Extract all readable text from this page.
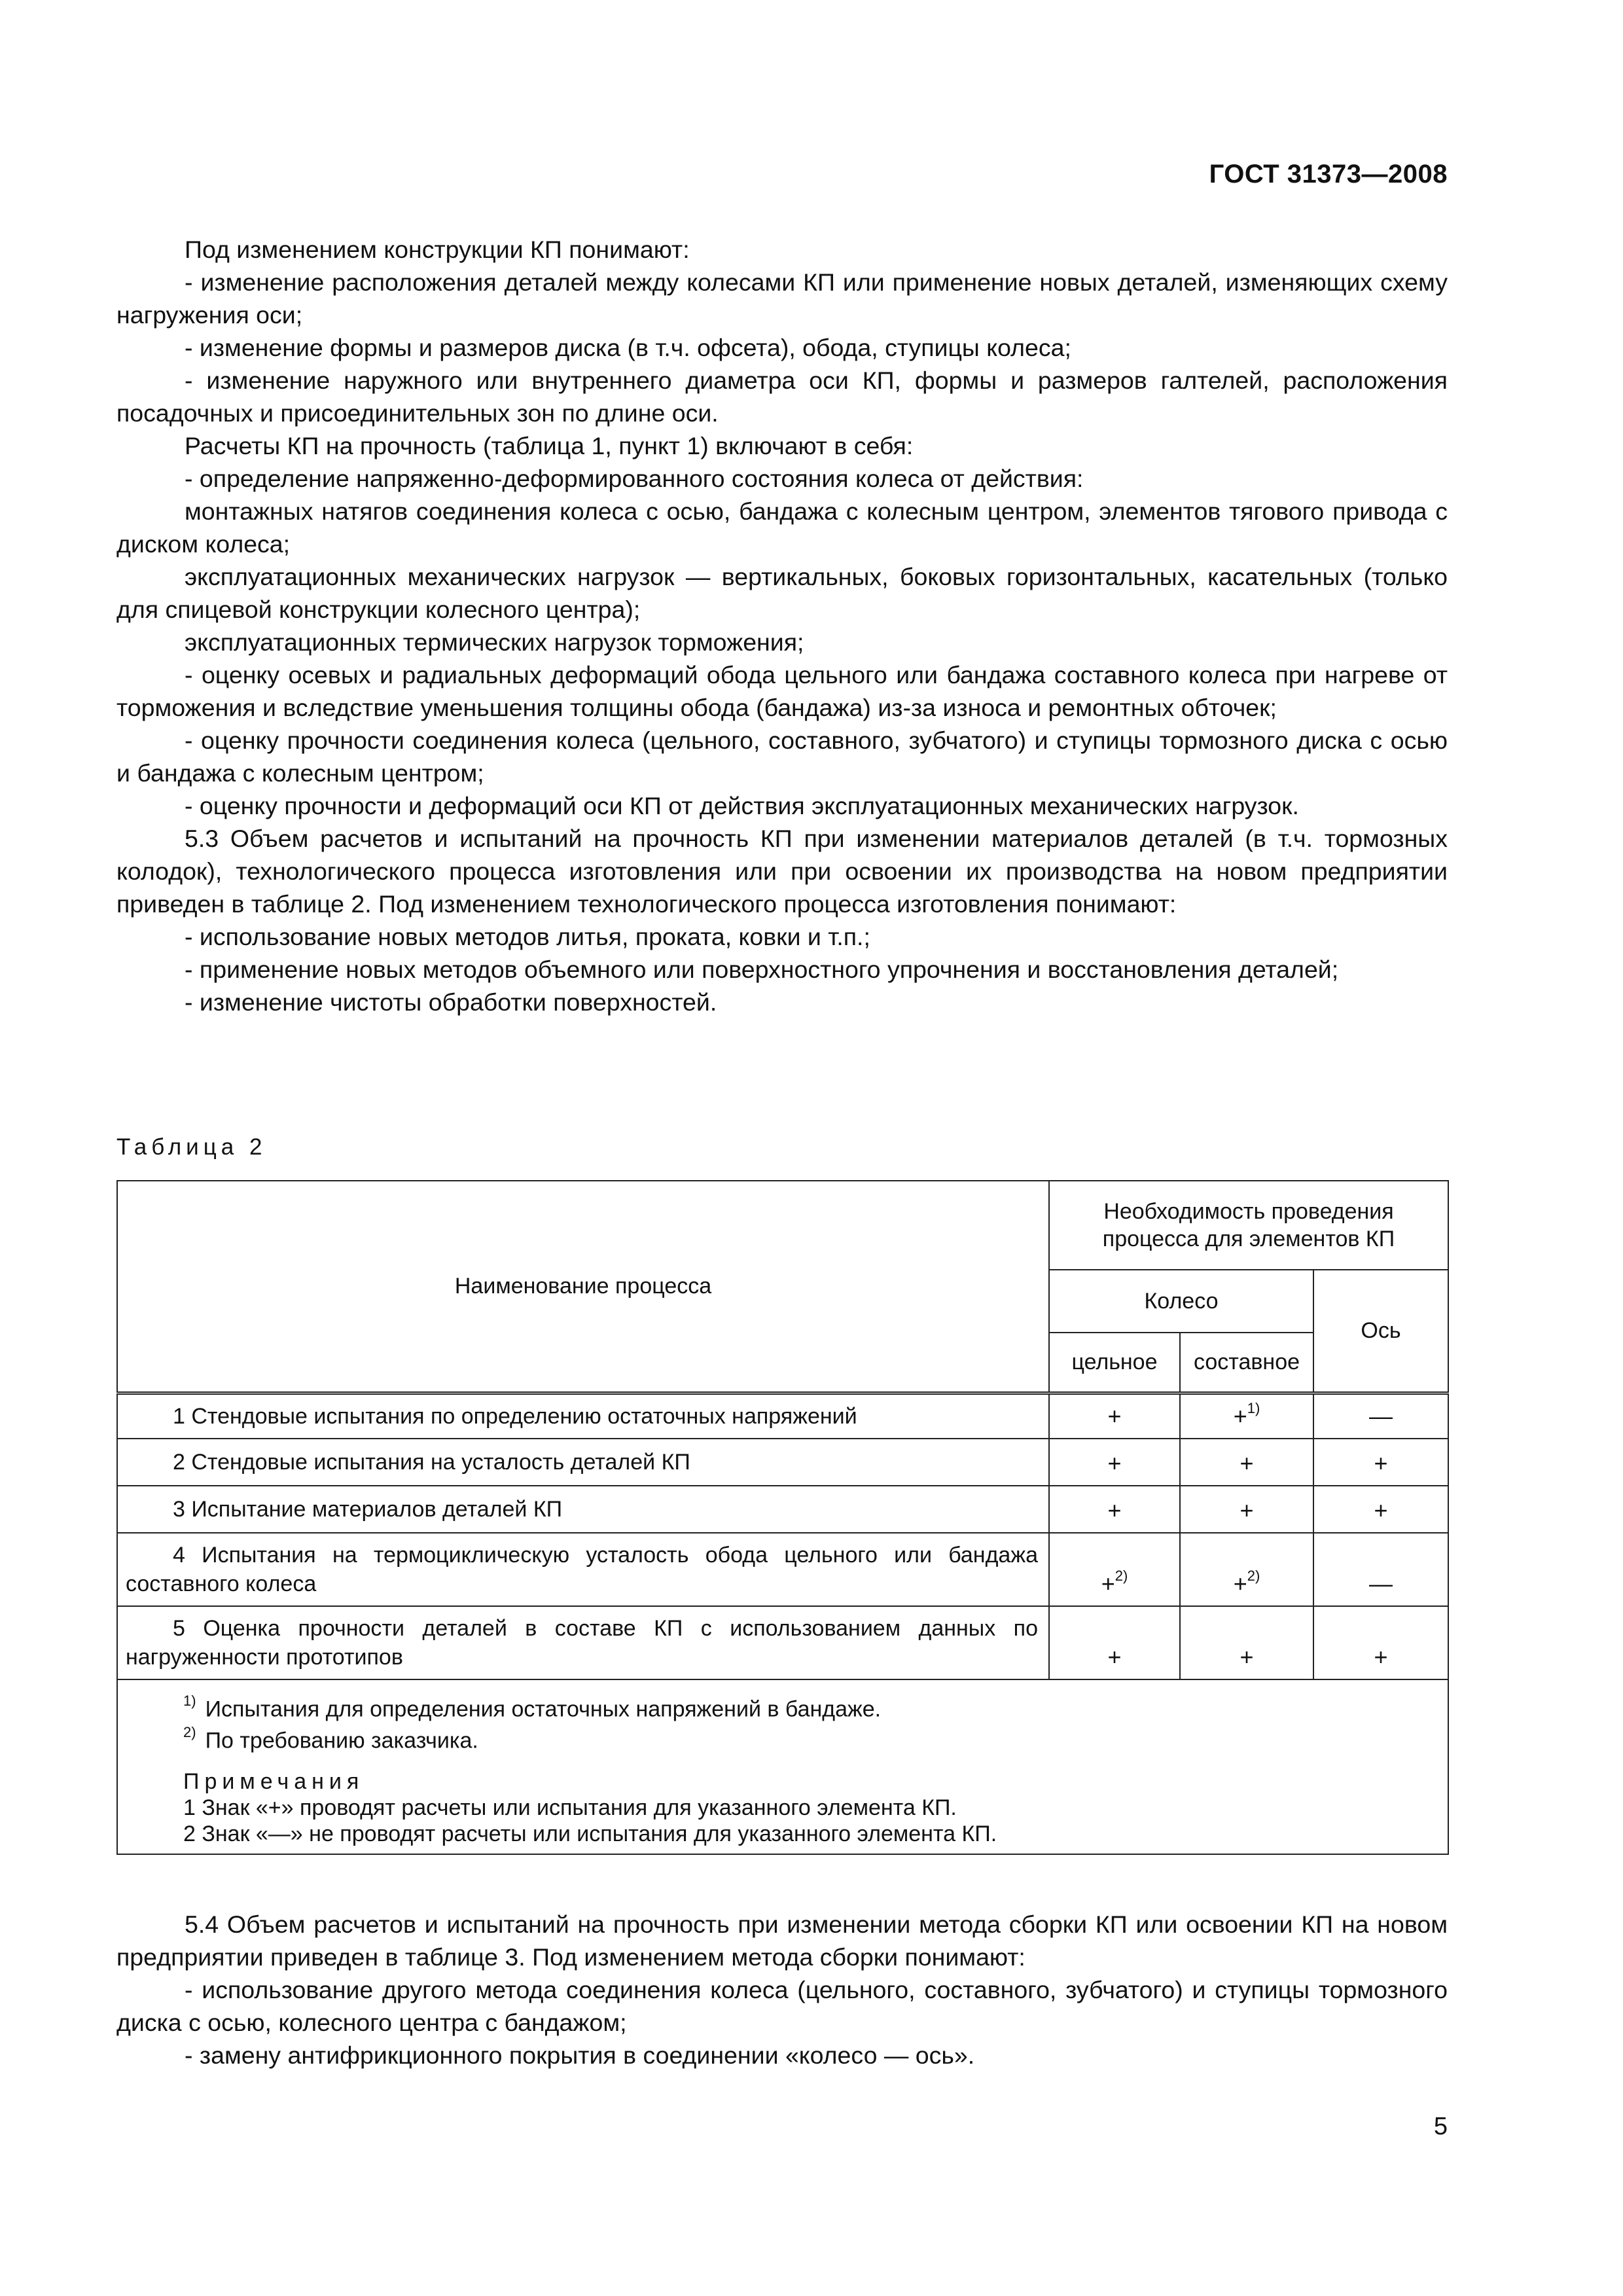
ГОСТ 31373—2008

Под изменением конструкции КП понимают:

- изменение расположения деталей между колесами КП или применение новых деталей, изменяющих схему нагружения оси;

- изменение формы и размеров диска (в т.ч. офсета), обода, ступицы колеса;

- изменение наружного или внутреннего диаметра оси КП, формы и размеров галтелей, расположения посадочных и присоединительных зон по длине оси.

Расчеты КП на прочность (таблица 1, пункт 1) включают в себя:

- определение напряженно-деформированного состояния колеса от действия:

монтажных натягов соединения колеса с осью, бандажа с колесным центром, элементов тягового привода с диском колеса;

эксплуатационных механических нагрузок — вертикальных, боковых горизонтальных, касательных (только для спицевой конструкции колесного центра);

эксплуатационных термических нагрузок торможения;

- оценку осевых и радиальных деформаций обода цельного или бандажа составного колеса при нагреве от торможения и вследствие уменьшения толщины обода (бандажа) из-за износа и ремонтных обточек;

- оценку прочности соединения колеса (цельного, составного, зубчатого) и ступицы тормозного диска с осью и бандажа с колесным центром;

- оценку прочности и деформаций оси КП от действия эксплуатационных механических нагрузок.

5.3 Объем расчетов и испытаний на прочность КП при изменении материалов деталей (в т.ч. тормозных колодок), технологического процесса изготовления или при освоении их производства на новом предприятии приведен в таблице 2. Под изменением технологического процесса изготовления понимают:

- использование новых методов литья, проката, ковки и т.п.;

- применение новых методов объемного или поверхностного упрочнения и восстановления деталей;

- изменение чистоты обработки поверхностей.

Таблица 2
Наименование процесса	Необходимость проведения процесса для элементов КП		
	Колесо		Ось
	цельное	составное	

1 Стендовые испытания по определению остаточных напряжений	+	+$^{1)}$	—

2 Стендовые испытания на усталость деталей КП	+	+	+

3 Испытание материалов деталей КП	+	+	+

4 Испытания на термоциклическую усталость обода цельного или бандажа составного колеса	+$^{2)}$	+$^{2)}$	—

5 Оценка прочности деталей в составе КП с использованием данных по нагруженности прототипов	+	+	+

$^{1)}$ Испытания для определения остаточных напряжений в бандаже.
$^{2)}$ По требованию заказчика.
Примечания
1 Знак «+» проводят расчеты или испытания для указанного элемента КП.
2 Знак «—» не проводят расчеты или испытания для указанного элемента КП.			

5.4 Объем расчетов и испытаний на прочность при изменении метода сборки КП или освоении КП на новом предприятии приведен в таблице 3. Под изменением метода сборки понимают:

- использование другого метода соединения колеса (цельного, составного, зубчатого) и ступицы тормозного диска с осью, колесного центра с бандажом;

- замену антифрикционного покрытия в соединении «колесо — ось».

5
